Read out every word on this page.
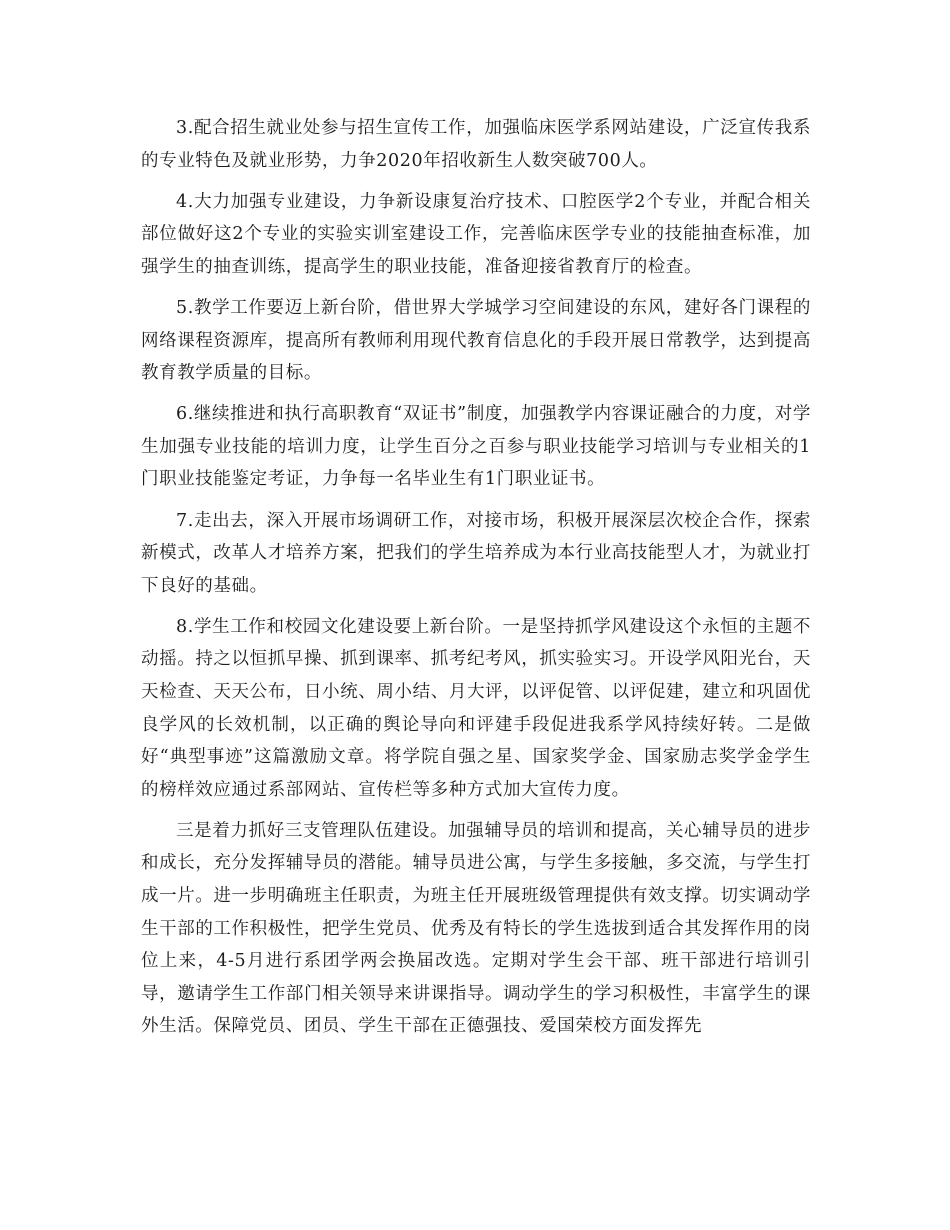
3.配合招生就业处参与招生宣传工作，加强临床医学系网站建设，广泛宣传我系的专业特色及就业形势，力争2020年招收新生人数突破700人。

4.大力加强专业建设，力争新设康复治疗技术、口腔医学2个专业，并配合相关部位做好这2个专业的实验实训室建设工作，完善临床医学专业的技能抽查标准，加强学生的抽查训练，提高学生的职业技能，准备迎接省教育厅的检查。

5.教学工作要迈上新台阶，借世界大学城学习空间建设的东风，建好各门课程的网络课程资源库，提高所有教师利用现代教育信息化的手段开展日常教学，达到提高教育教学质量的目标。

6.继续推进和执行高职教育“双证书”制度，加强教学内容课证融合的力度，对学生加强专业技能的培训力度，让学生百分之百参与职业技能学习培训与专业相关的1门职业技能鉴定考证，力争每一名毕业生有1门职业证书。

7.走出去，深入开展市场调研工作，对接市场，积极开展深层次校企合作，探索新模式，改革人才培养方案，把我们的学生培养成为本行业高技能型人才，为就业打下良好的基础。

8.学生工作和校园文化建设要上新台阶。一是坚持抓学风建设这个永恒的主题不动摇。持之以恒抓早操、抓到课率、抓考纪考风，抓实验实习。开设学风阳光台，天天检查、天天公布，日小统、周小结、月大评，以评促管、以评促建，建立和巩固优良学风的长效机制，以正确的舆论导向和评建手段促进我系学风持续好转。二是做好“典型事迹”这篇激励文章。将学院自强之星、国家奖学金、国家励志奖学金学生的榜样效应通过系部网站、宣传栏等多种方式加大宣传力度。

三是着力抓好三支管理队伍建设。加强辅导员的培训和提高，关心辅导员的进步和成长，充分发挥辅导员的潜能。辅导员进公寓，与学生多接触，多交流，与学生打成一片。进一步明确班主任职责，为班主任开展班级管理提供有效支撑。切实调动学生干部的工作积极性，把学生党员、优秀及有特长的学生选拔到适合其发挥作用的岗位上来，4-5月进行系团学两会换届改选。定期对学生会干部、班干部进行培训引导，邀请学生工作部门相关领导来讲课指导。调动学生的学习积极性，丰富学生的课外生活。保障党员、团员、学生干部在正德强技、爱国荣校方面发挥先
